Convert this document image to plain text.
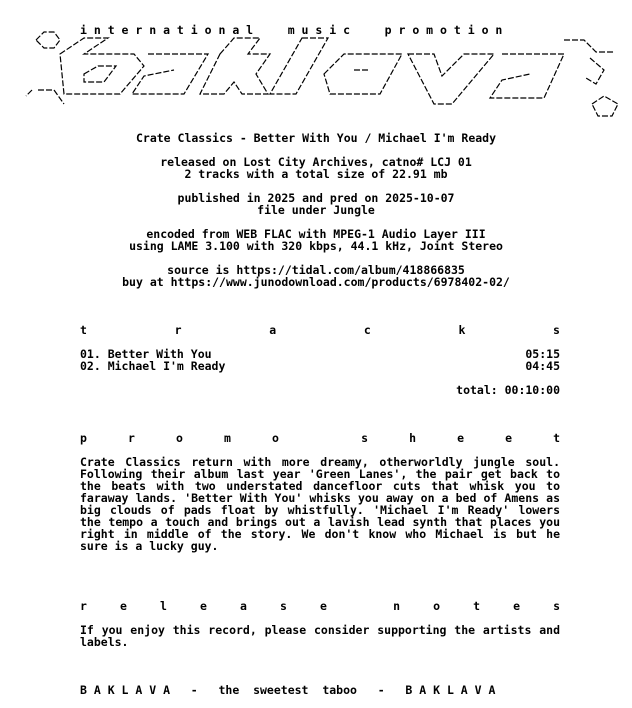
i n t e r n a t i o n a l     m u s i c     p r o m o t i o n
Crate Classics - Better With You / Michael I'm Ready
released on Lost City Archives, catno# LCJ 01
2 tracks with a total size of 22.91 mb
published in 2025 and pred on 2025-10-07
file under Jungle
encoded from WEB FLAC with MPEG-1 Audio Layer III
using LAME 3.100 with 320 kbps, 44.1 kHz, Joint Stereo
source is https://tidal.com/album/418866835
buy at https://www.junodownload.com/products/6978402-02/
t	r	a	c	k	s
01. Better With You	05:15
02. Michael I'm Ready	04:45
total: 00:10:00
p	r	o	m	o	s	h	e	e	t
Crate Classics return with more dreamy, otherworldly jungle soul. Following their album last year 'Green Lanes', the pair get back to the beats with two understated dancefloor cuts that whisk you to faraway lands. 'Better With You' whisks you away on a bed of Amens as big clouds of pads float by whistfully. 'Michael I'm Ready' lowers the tempo a touch and brings out a lavish lead synth that places you right in middle of the story. We don't know who Michael is but he sure is a lucky guy.
r	e	l	e	a	s	e	n	o	t	e	s
If you enjoy this record, please consider supporting the artists and labels.
B A K L A V A   -   the  sweetest  taboo   -   B A K L A V A
